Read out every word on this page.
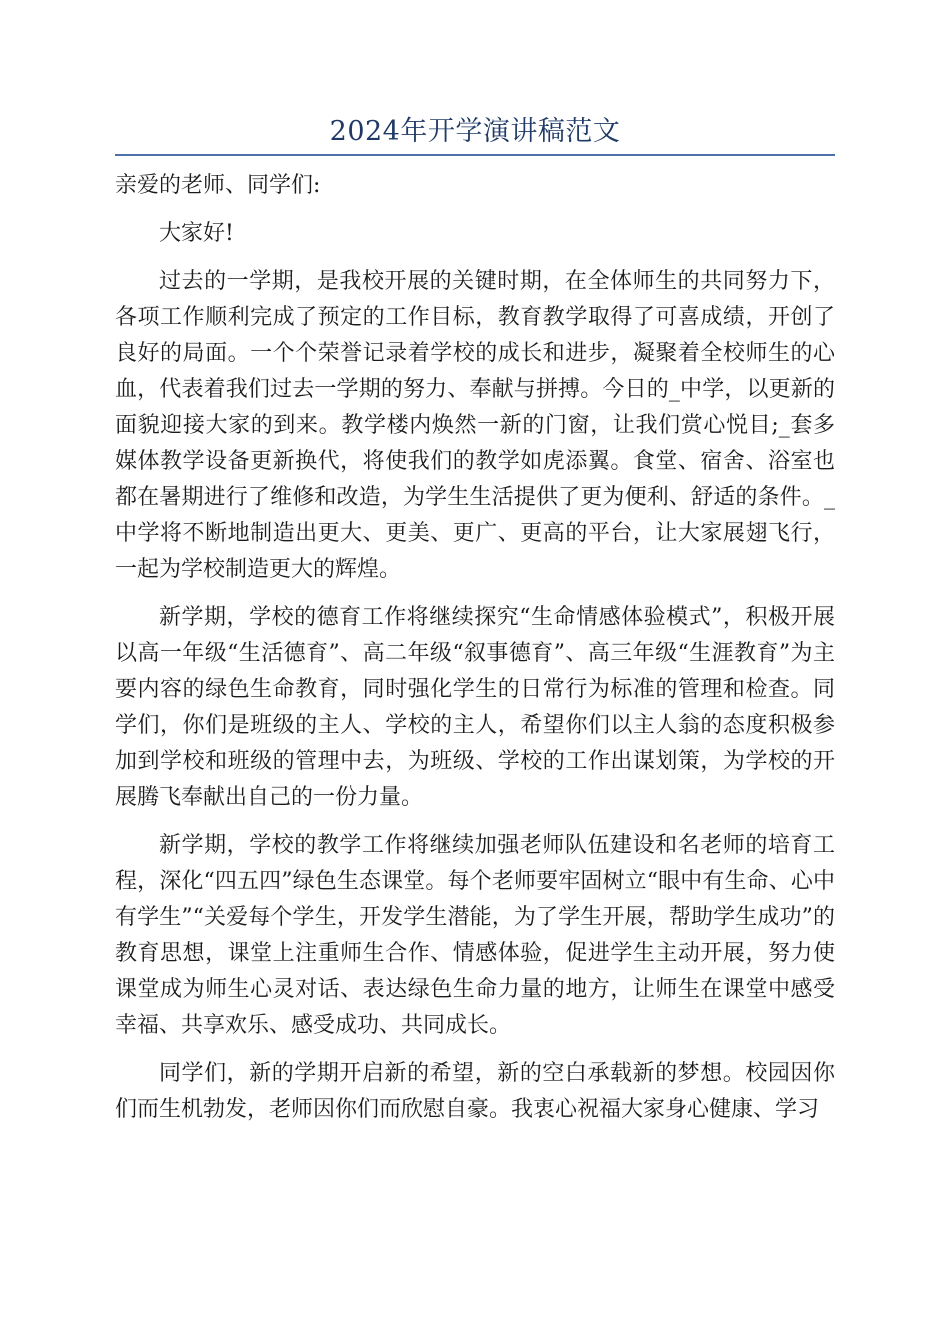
2024年开学演讲稿范文

亲爱的老师、同学们:

大家好!

过去的一学期，是我校开展的关键时期，在全体师生的共同努力下，各项工作顺利完成了预定的工作目标，教育教学取得了可喜成绩，开创了良好的局面。一个个荣誉记录着学校的成长和进步，凝聚着全校师生的心血，代表着我们过去一学期的努力、奉献与拼搏。今日的_中学，以更新的面貌迎接大家的到来。教学楼内焕然一新的门窗，让我们赏心悦目;_套多媒体教学设备更新换代，将使我们的教学如虎添翼。食堂、宿舍、浴室也都在暑期进行了维修和改造，为学生生活提供了更为便利、舒适的条件。_中学将不断地制造出更大、更美、更广、更高的平台，让大家展翅飞行，一起为学校制造更大的辉煌。

新学期，学校的德育工作将继续探究“生命情感体验模式”，积极开展以高一年级“生活德育”、高二年级“叙事德育”、高三年级“生涯教育”为主要内容的绿色生命教育，同时强化学生的日常行为标准的管理和检查。同学们，你们是班级的主人、学校的主人，希望你们以主人翁的态度积极参加到学校和班级的管理中去，为班级、学校的工作出谋划策，为学校的开展腾飞奉献出自己的一份力量。

新学期，学校的教学工作将继续加强老师队伍建设和名老师的培育工程，深化“四五四”绿色生态课堂。每个老师要牢固树立“眼中有生命、心中有学生”“关爱每个学生，开发学生潜能，为了学生开展，帮助学生成功”的教育思想，课堂上注重师生合作、情感体验，促进学生主动开展，努力使课堂成为师生心灵对话、表达绿色生命力量的地方，让师生在课堂中感受幸福、共享欢乐、感受成功、共同成长。

同学们，新的学期开启新的希望，新的空白承载新的梦想。校园因你们而生机勃发，老师因你们而欣慰自豪。我衷心祝福大家身心健康、学习
